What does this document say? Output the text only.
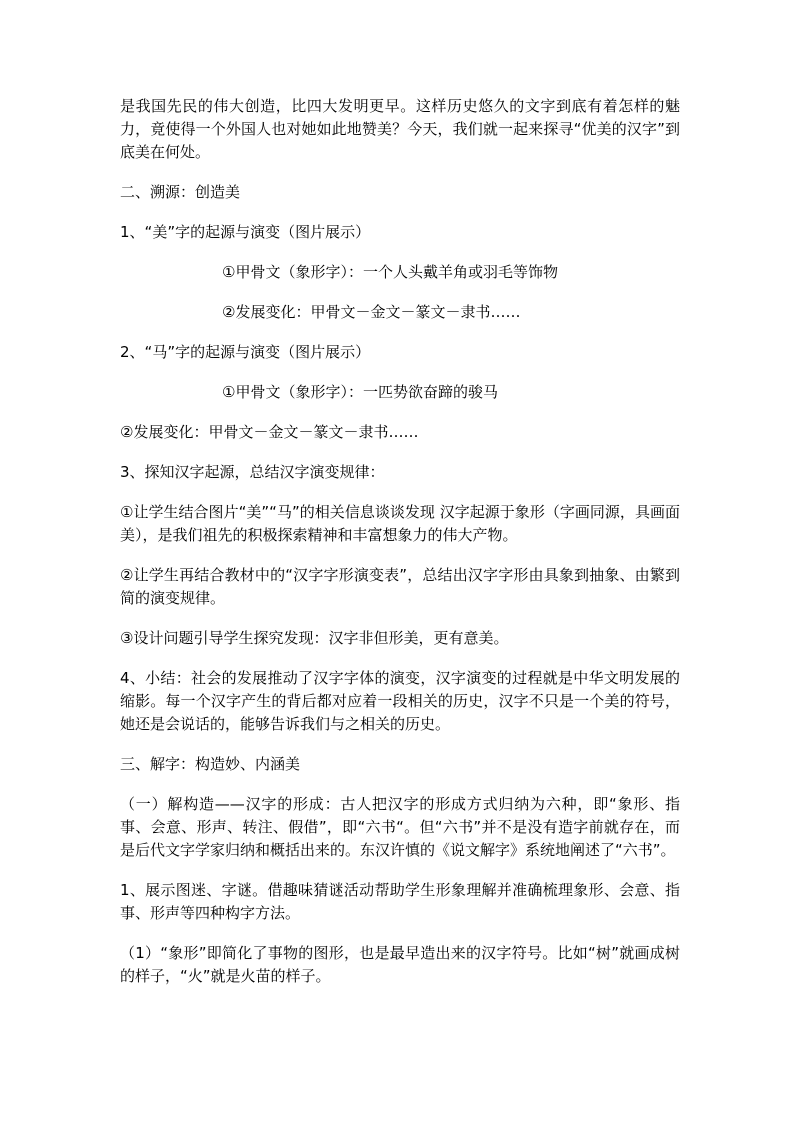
是我国先民的伟大创造，比四大发明更早。这样历史悠久的文字到底有着怎样的魅力，竟使得一个外国人也对她如此地赞美？今天，我们就一起来探寻“优美的汉字”到底美在何处。

二、溯源：创造美

1、“美”字的起源与演变（图片展示）

①甲骨文（象形字）：一个人头戴羊角或羽毛等饰物

②发展变化：甲骨文－金文－篆文－隶书……

2、“马”字的起源与演变（图片展示）

①甲骨文（象形字）：一匹势欲奋蹄的骏马

②发展变化：甲骨文－金文－篆文－隶书……

3、探知汉字起源，总结汉字演变规律：

①让学生结合图片“美”“马”的相关信息谈谈发现 汉字起源于象形（字画同源，具画面美），是我们祖先的积极探索精神和丰富想象力的伟大产物。

②让学生再结合教材中的“汉字字形演变表”，总结出汉字字形由具象到抽象、由繁到简的演变规律。

③设计问题引导学生探究发现：汉字非但形美，更有意美。

4、小结：社会的发展推动了汉字字体的演变，汉字演变的过程就是中华文明发展的缩影。每一个汉字产生的背后都对应着一段相关的历史，汉字不只是一个美的符号，她还是会说话的，能够告诉我们与之相关的历史。

三、解字：构造妙、内涵美

（一）解构造——汉字的形成：古人把汉字的形成方式归纳为六种，即“象形、指事、会意、形声、转注、假借”，即“六书“。但“六书”并不是没有造字前就存在，而是后代文字学家归纳和概括出来的。东汉许慎的《说文解字》系统地阐述了“六书”。

1、展示图迷、字谜。借趣味猜谜活动帮助学生形象理解并准确梳理象形、会意、指事、形声等四种构字方法。

（1）“象形”即简化了事物的图形，也是最早造出来的汉字符号。比如“树”就画成树的样子，“火”就是火苗的样子。
